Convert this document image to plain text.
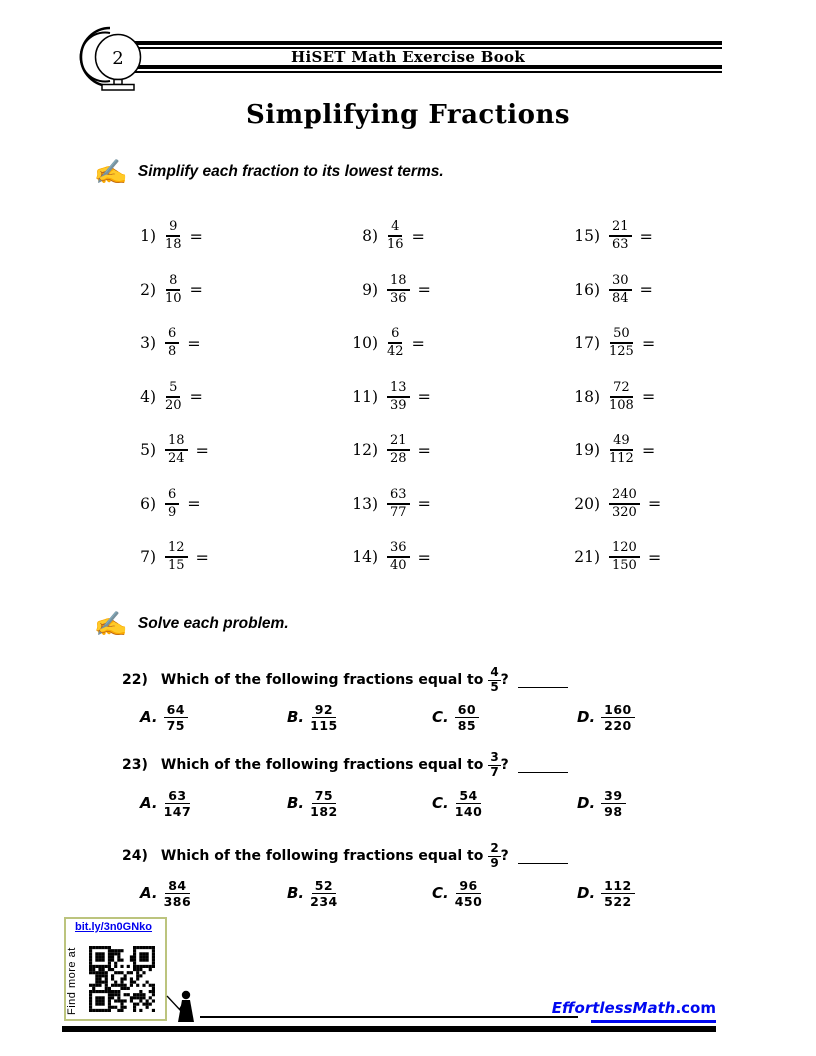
HiSET Math Exercise Book
2
Simplifying Fractions
✍ Simplify each fraction to its lowest terms.
$1) \frac{9}{18}$ =
$2) \frac{8}{10}$ =
$3) \frac{6}{8}$ =
$4) \frac{5}{20}$ =
$5) \frac{18}{24}$ =
$6) \frac{6}{9}$ =
$7) \frac{12}{15}$ =
$8) \frac{4}{16}$ =
$9) \frac{18}{36}$ =
$10) \frac{6}{42}$ =
$11) \frac{13}{39}$ =
$12) \frac{21}{28}$ =
$13) \frac{63}{77}$ =
$14) \frac{36}{40}$ =
$15) \frac{21}{63}$ =
$16) \frac{30}{84}$ =
$17) \frac{50}{125}$ =
$18) \frac{72}{108}$ =
$19) \frac{49}{112}$ =
$20) \frac{240}{320}$ =
$21) \frac{120}{150}$ =
✍ Solve each problem.
22) Which of the following fractions equal to $\frac{4}{5}$ ?
A. $\frac{64}{75}$	B. $\frac{92}{115}$	C. $\frac{60}{85}$	D. $\frac{160}{220}$
23) Which of the following fractions equal to $\frac{3}{7}$ ?
A. $\frac{63}{147}$	B. $\frac{75}{182}$	C. $\frac{54}{140}$	D. $\frac{39}{98}$
24) Which of the following fractions equal to $\frac{2}{9}$ ?
A. $\frac{84}{386}$	B. $\frac{52}{234}$	C. $\frac{96}{450}$	D. $\frac{112}{522}$
bit.ly/3n0GNko
Find more at	EffortlessMath.com
